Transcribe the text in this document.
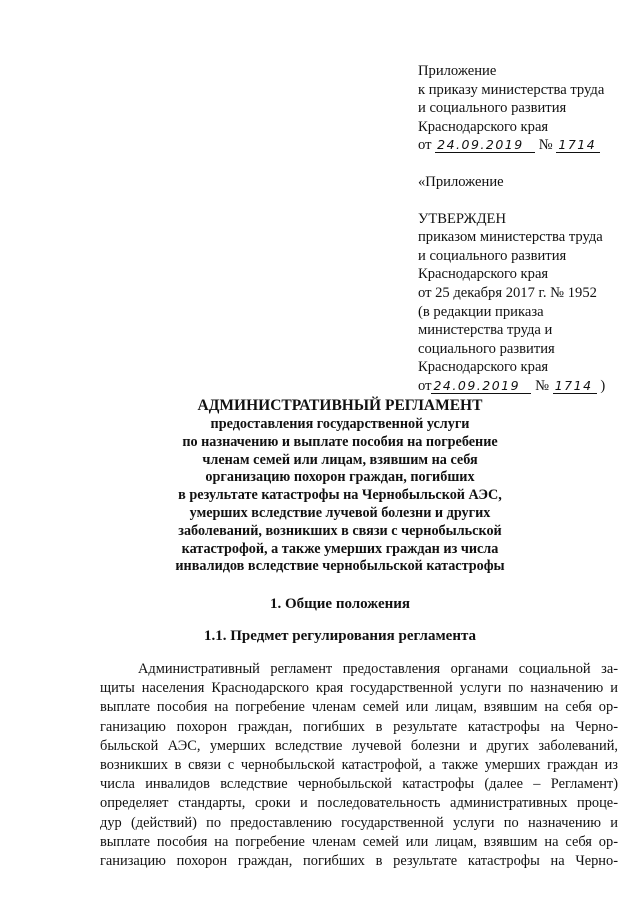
Приложение
к приказу министерства труда
и социального развития
Краснодарского края
от 24.09.2019 № 1714
«Приложение
УТВЕРЖДЕН
приказом министерства труда
и социального развития
Краснодарского края
от 25 декабря 2017 г. № 1952
(в редакции приказа
министерства труда и
социального развития
Краснодарского края
от 24.09.2019 № 1714 )
АДМИНИСТРАТИВНЫЙ РЕГЛАМЕНТ
предоставления государственной услуги
по назначению и выплате пособия на погребение
членам семей или лицам, взявшим на себя
организацию похорон граждан, погибших
в результате катастрофы на Чернобыльской АЭС,
умерших вследствие лучевой болезни и других
заболеваний, возникших в связи с чернобыльской
катастрофой, а также умерших граждан из числа
инвалидов вследствие чернобыльской катастрофы
1. Общие положения
1.1. Предмет регулирования регламента
Административный регламент предоставления органами социальной за-
щиты населения Краснодарского края государственной услуги по назначению и
выплате пособия на погребение членам семей или лицам, взявшим на себя ор-
ганизацию похорон граждан, погибших в результате катастрофы на Черно-
быльской АЭС, умерших вследствие лучевой болезни и других заболеваний,
возникших в связи с чернобыльской катастрофой, а также умерших граждан из
числа инвалидов вследствие чернобыльской катастрофы (далее – Регламент)
определяет стандарты, сроки и последовательность административных проце-
дур (действий) по предоставлению государственной услуги по назначению и
выплате пособия на погребение членам семей или лицам, взявшим на себя ор-
ганизацию похорон граждан, погибших в результате катастрофы на Черно-
